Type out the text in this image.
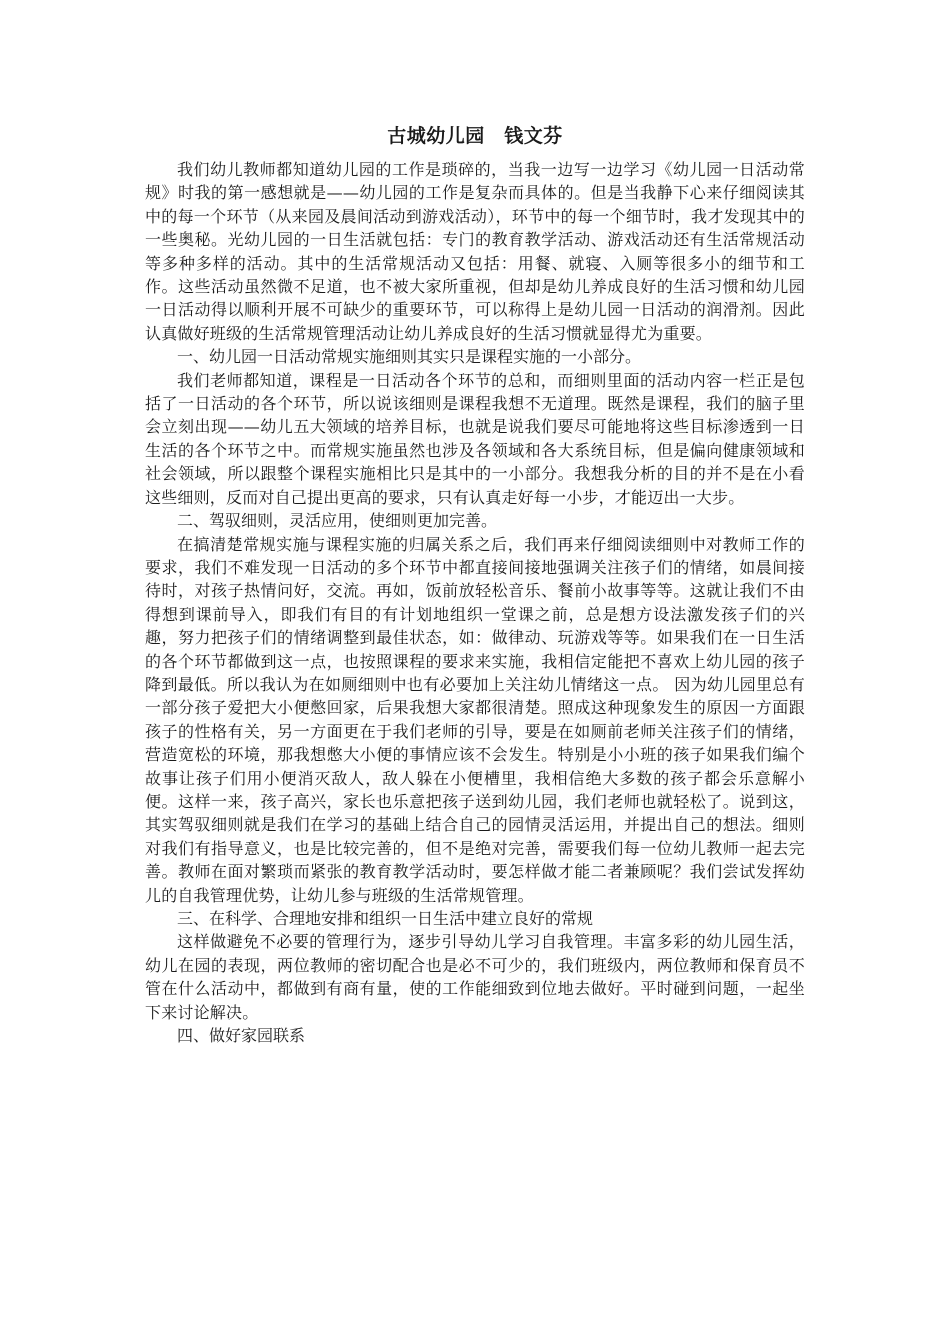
古城幼儿园　钱文芬

我们幼儿教师都知道幼儿园的工作是琐碎的，当我一边写一边学习《幼儿园一日活动常规》时我的第一感想就是——幼儿园的工作是复杂而具体的。但是当我静下心来仔细阅读其中的每一个环节（从来园及晨间活动到游戏活动），环节中的每一个细节时，我才发现其中的一些奥秘。光幼儿园的一日生活就包括：专门的教育教学活动、游戏活动还有生活常规活动等多种多样的活动。其中的生活常规活动又包括：用餐、就寝、入厕等很多小的细节和工作。这些活动虽然微不足道，也不被大家所重视，但却是幼儿养成良好的生活习惯和幼儿园一日活动得以顺利开展不可缺少的重要环节，可以称得上是幼儿园一日活动的润滑剂。因此认真做好班级的生活常规管理活动让幼儿养成良好的生活习惯就显得尤为重要。

一、幼儿园一日活动常规实施细则其实只是课程实施的一小部分。

我们老师都知道，课程是一日活动各个环节的总和，而细则里面的活动内容一栏正是包括了一日活动的各个环节，所以说该细则是课程我想不无道理。既然是课程，我们的脑子里会立刻出现——幼儿五大领域的培养目标，也就是说我们要尽可能地将这些目标渗透到一日生活的各个环节之中。而常规实施虽然也涉及各领域和各大系统目标，但是偏向健康领域和社会领域，所以跟整个课程实施相比只是其中的一小部分。我想我分析的目的并不是在小看这些细则，反而对自己提出更高的要求，只有认真走好每一小步，才能迈出一大步。

二、驾驭细则，灵活应用，使细则更加完善。

在搞清楚常规实施与课程实施的归属关系之后，我们再来仔细阅读细则中对教师工作的要求，我们不难发现一日活动的多个环节中都直接间接地强调关注孩子们的情绪，如晨间接待时，对孩子热情问好，交流。再如，饭前放轻松音乐、餐前小故事等等。这就让我们不由得想到课前导入，即我们有目的有计划地组织一堂课之前，总是想方设法激发孩子们的兴趣，努力把孩子们的情绪调整到最佳状态，如：做律动、玩游戏等等。如果我们在一日生活的各个环节都做到这一点，也按照课程的要求来实施，我相信定能把不喜欢上幼儿园的孩子降到最低。所以我认为在如厕细则中也有必要加上关注幼儿情绪这一点。 因为幼儿园里总有一部分孩子爱把大小便憋回家，后果我想大家都很清楚。照成这种现象发生的原因一方面跟孩子的性格有关，另一方面更在于我们老师的引导，要是在如厕前老师关注孩子们的情绪，营造宽松的环境，那我想憋大小便的事情应该不会发生。特别是小小班的孩子如果我们编个故事让孩子们用小便消灭敌人，敌人躲在小便槽里，我相信绝大多数的孩子都会乐意解小便。这样一来，孩子高兴，家长也乐意把孩子送到幼儿园，我们老师也就轻松了。说到这，其实驾驭细则就是我们在学习的基础上结合自己的园情灵活运用，并提出自己的想法。细则对我们有指导意义，也是比较完善的，但不是绝对完善，需要我们每一位幼儿教师一起去完善。教师在面对繁琐而紧张的教育教学活动时，要怎样做才能二者兼顾呢？我们尝试发挥幼儿的自我管理优势，让幼儿参与班级的生活常规管理。

三、在科学、合理地安排和组织一日生活中建立良好的常规

这样做避免不必要的管理行为，逐步引导幼儿学习自我管理。丰富多彩的幼儿园生活，幼儿在园的表现，两位教师的密切配合也是必不可少的，我们班级内，两位教师和保育员不管在什么活动中，都做到有商有量，使的工作能细致到位地去做好。平时碰到问题，一起坐下来讨论解决。

四、做好家园联系
